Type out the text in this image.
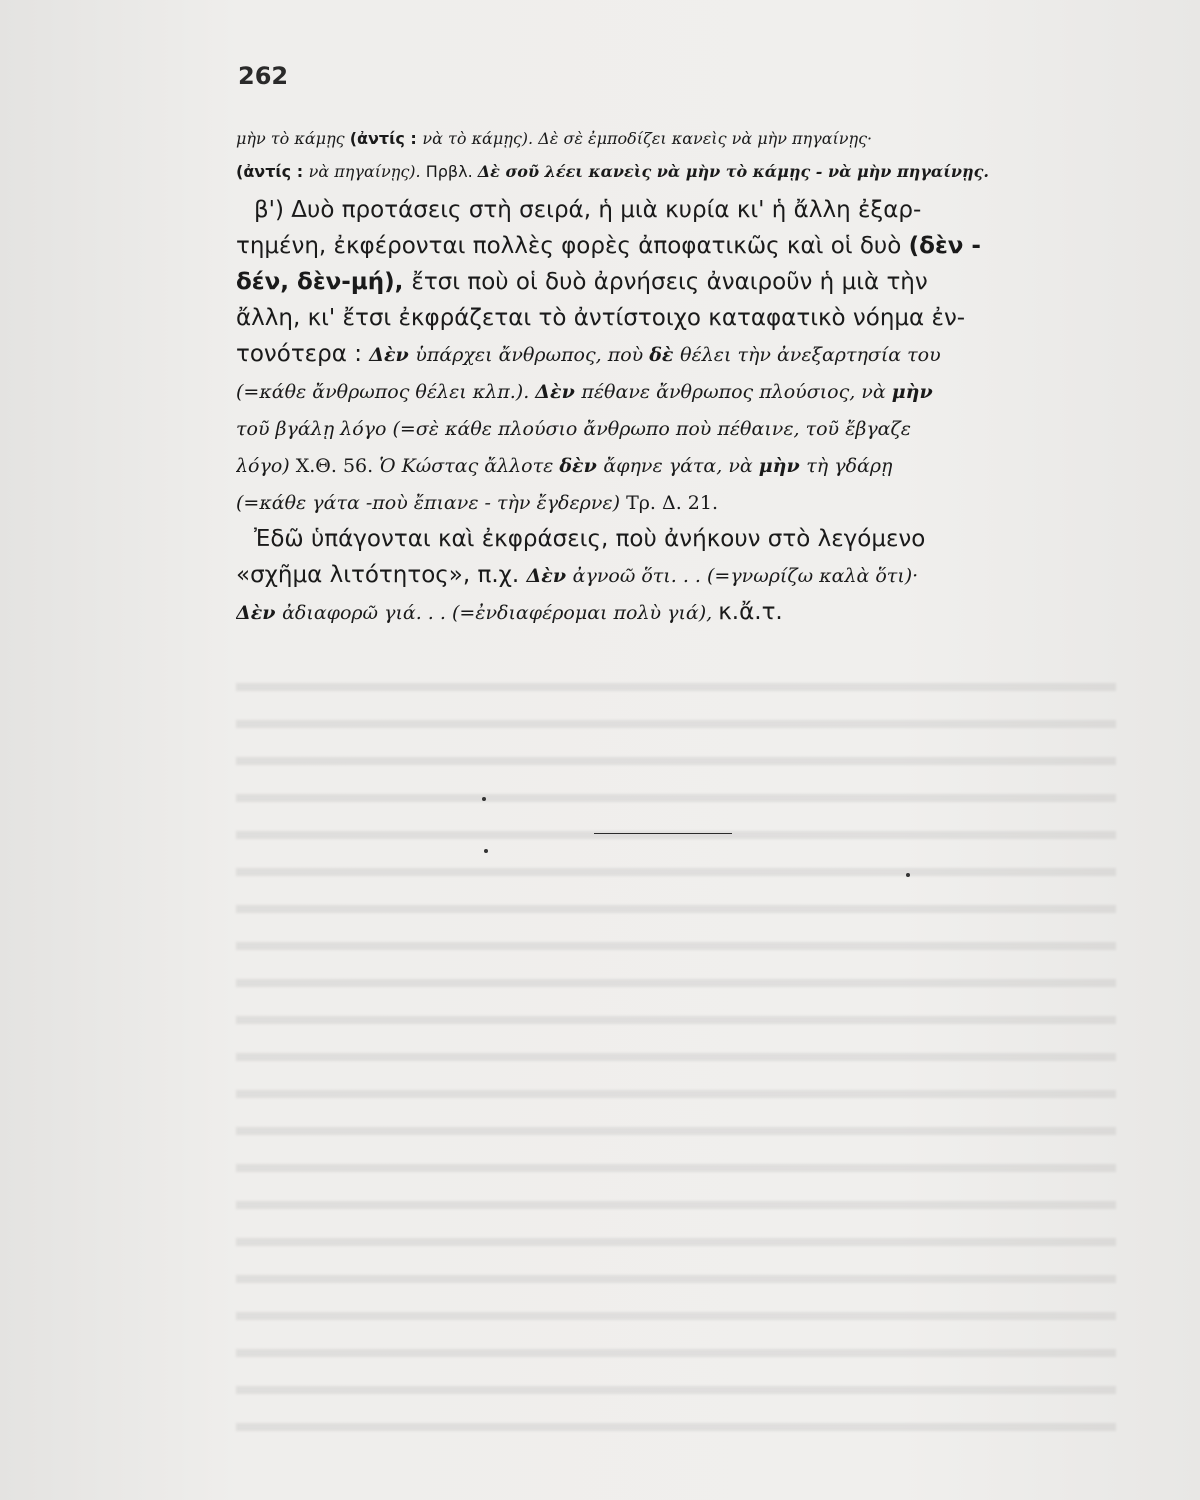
262
μὴν τὸ κάμῃς (ἀντίς : νὰ τὸ κάμῃς). Δὲ σὲ ἐμποδίζει κανεὶς νὰ μὴν πηγαίνῃς·
(ἀντίς : νὰ πηγαίνῃς). Πρβλ. Δὲ σοῦ λέει κανεὶς νὰ μὴν τὸ κάμῃς - νὰ μὴν πηγαίνῃς.
β') Δυὸ προτάσεις στὴ σειρά, ἡ μιὰ κυρία κι' ἡ ἄλλη ἐξαρ-
τημένη, ἐκφέρονται πολλὲς φορὲς ἀποφατικῶς καὶ οἱ δυὸ (δὲν -
δέν, δὲν-μή), ἔτσι ποὺ οἱ δυὸ ἀρνήσεις ἀναιροῦν ἡ μιὰ τὴν
ἄλλη, κι' ἔτσι ἐκφράζεται τὸ ἀντίστοιχο καταφατικὸ νόημα ἐν-
τονότερα : Δὲν ὑπάρχει ἄνθρωπος, ποὺ δὲ θέλει τὴν ἀνεξαρτησία του
(=κάθε ἄνθρωπος θέλει κλπ.). Δὲν πέθανε ἄνθρωπος πλούσιος, νὰ μὴν
τοῦ βγάλῃ λόγο (=σὲ κάθε πλούσιο ἄνθρωπο ποὺ πέθαινε, τοῦ ἔβγαζε
λόγο) Χ.Θ. 56. Ὁ Κώστας ἄλλοτε δὲν ἄφηνε γάτα, νὰ μὴν τὴ γδάρῃ
(=κάθε γάτα -ποὺ ἔπιανε - τὴν ἔγδερνε) Τρ. Δ. 21.
Ἐδῶ ὑπάγονται καὶ ἐκφράσεις, ποὺ ἀνήκουν στὸ λεγόμενο
«σχῆμα λιτότητος», π.χ. Δὲν ἀγνοῶ ὅτι. . . (=γνωρίζω καλὰ ὅτι)·
Δὲν ἀδιαφορῶ γιά. . . (=ἐνδιαφέρομαι πολὺ γιά), κ.ἄ.τ.
